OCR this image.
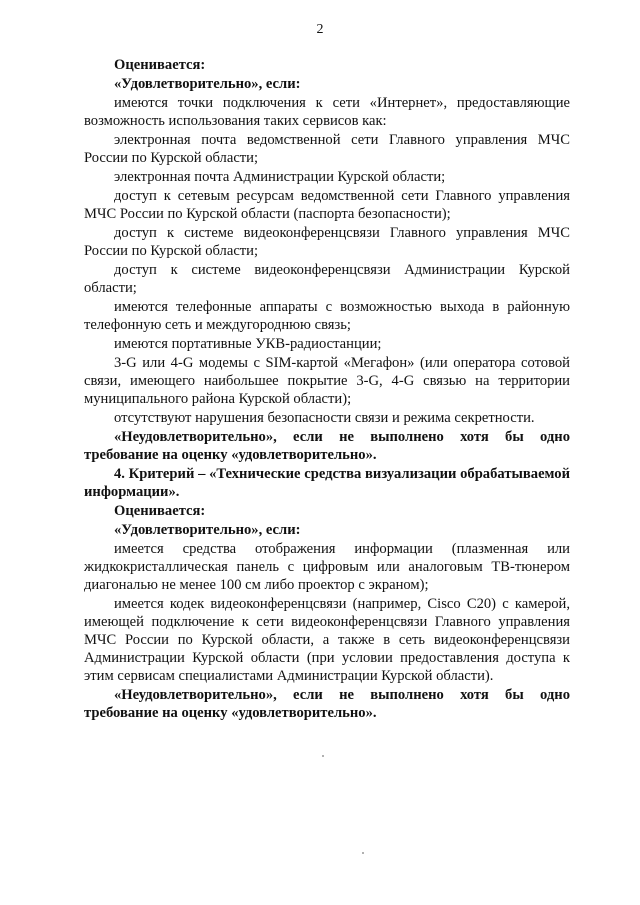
2

Оценивается:

«Удовлетворительно», если:

имеются точки подключения к сети «Интернет», предоставляющие возможность использования таких сервисов как:

электронная почта ведомственной сети Главного управления МЧС России по Курской области;

электронная почта Администрации Курской области;

доступ к сетевым ресурсам ведомственной сети Главного управления МЧС России по Курской области (паспорта безопасности);

доступ к системе видеоконференцсвязи Главного управления МЧС России по Курской области;

доступ к системе видеоконференцсвязи Администрации Курской области;

имеются телефонные аппараты с возможностью выхода в районную телефонную сеть и междугороднюю связь;

имеются портативные УКВ-радиостанции;

3-G или 4-G модемы с SIM-картой «Мегафон» (или оператора сотовой связи, имеющего наибольшее покрытие 3-G, 4-G связью на территории муниципального района Курской области);

отсутствуют нарушения безопасности связи и режима секретности.

«Неудовлетворительно», если не выполнено хотя бы одно требование на оценку «удовлетворительно».

4. Критерий – «Технические средства визуализации обрабатываемой информации».

Оценивается:

«Удовлетворительно», если:

имеется средства отображения информации (плазменная или жидкокристаллическая панель с цифровым или аналоговым ТВ-тюнером диагональю не менее 100 см либо проектор с экраном);

имеется кодек видеоконференцсвязи (например, Cisco C20) с камерой, имеющей подключение к сети видеоконференцсвязи Главного управления МЧС России по Курской области, а также в сеть видеоконференцсвязи Администрации Курской области (при условии предоставления доступа к этим сервисам специалистами Администрации Курской области).

«Неудовлетворительно», если не выполнено хотя бы одно требование на оценку «удовлетворительно».
